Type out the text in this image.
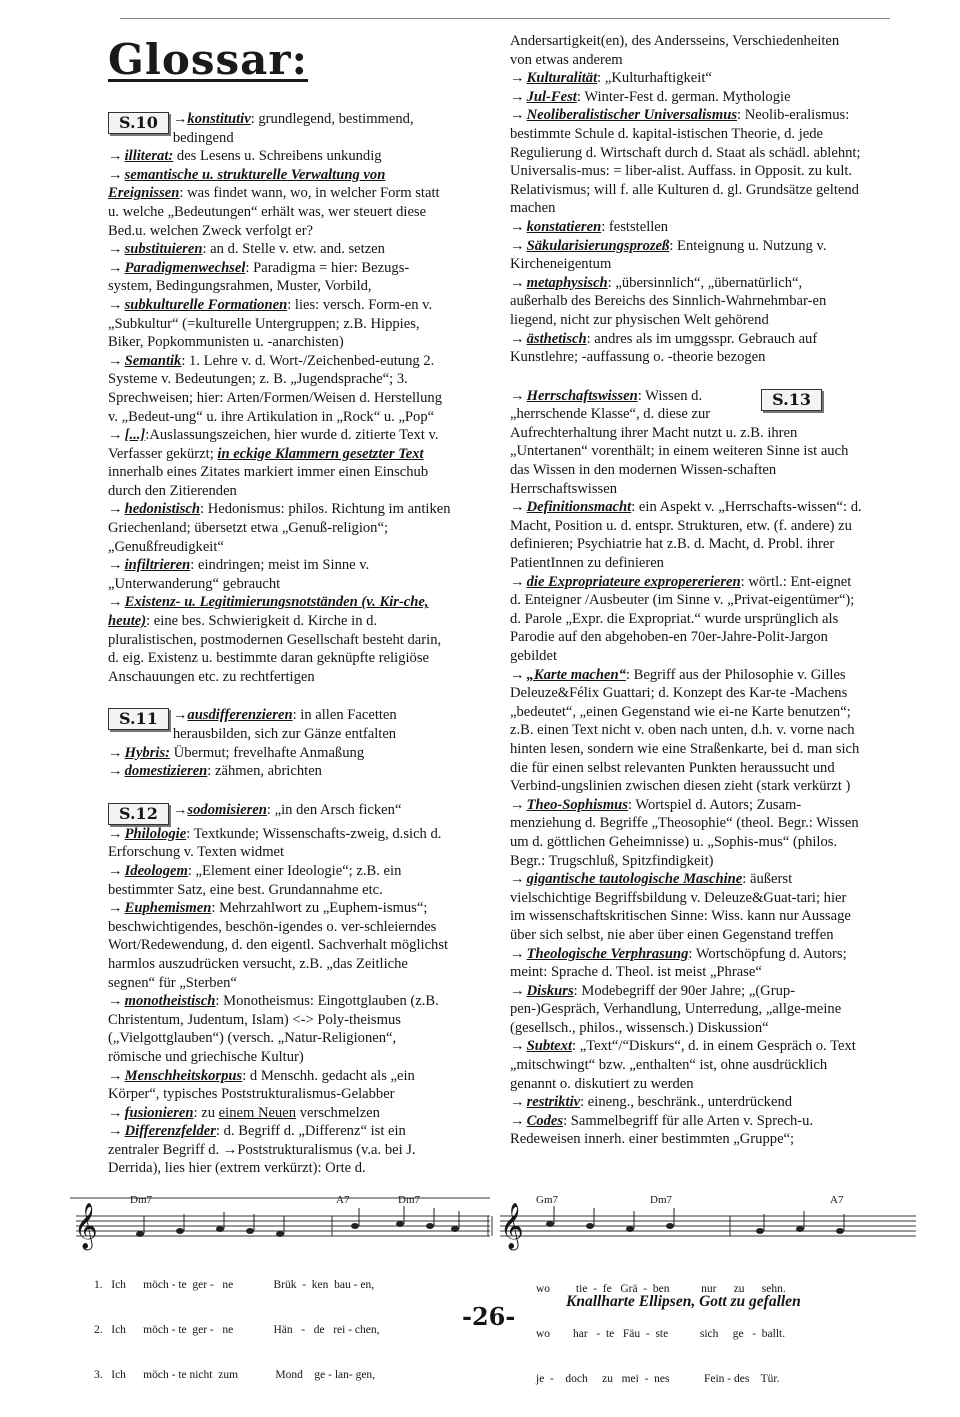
Glossar:
S.10	→konstitutiv: grundlegend, bestimmend, bedingend
→ illiterat: des Lesens u. Schreibens unkundig
→ semantische u. strukturelle Verwaltung von Ereignissen: was findet wann, wo, in welcher Form statt u. welche „Bedeutungen“ erhält was, wer steuert diese Bed.u. welchen Zweck verfolgt er?
→ substituieren: an d. Stelle v. etw. and. setzen
→ Paradigmenwechsel: Paradigma = hier: Bezugs-system, Bedingungsrahmen, Muster, Vorbild,
→ subkulturelle Formationen: lies: versch. Form-en v. „Subkultur“ (=kulturelle Untergruppen; z.B. Hippies, Biker, Popkommunisten u. -anarchisten)
→ Semantik: 1. Lehre v. d. Wort-/Zeichenbed-eutung 2. Systeme v. Bedeutungen; z. B. „Jugendsprache“; 3. Sprechweisen; hier: Arten/Formen/Weisen d. Herstellung v. „Bedeut-ung“ u. ihre Artikulation in „Rock“ u. „Pop“
→ [...]:Auslassungszeichen, hier wurde d. zitierte Text v. Verfasser gekürzt; in eckige Klammern gesetzter Text innerhalb eines Zitates markiert immer einen Einschub durch den Zitierenden
→ hedonistisch: Hedonismus: philos. Richtung im antiken Griechenland; übersetzt etwa „Genuß-religion“; „Genußfreudigkeit“
→ infiltrieren: eindringen; meist im Sinne v. „Unterwanderung“ gebraucht
→ Existenz- u. Legitimierungsnotständen (v. Kir-che, heute): eine bes. Schwierigkeit d. Kirche in d. pluralistischen, postmodernen Gesellschaft besteht darin, d. eig. Existenz u. bestimmte daran geknüpfte religiöse Anschauungen etc. zu rechtfertigen
S.11	→ausdifferenzieren: in allen Facetten herausbilden, sich zur Gänze entfalten
→ Hybris: Übermut; frevelhafte Anmaßung
→ domestizieren: zähmen, abrichten
S.12	→sodomisieren: „in den Arsch ficken“
→ Philologie: Textkunde; Wissenschafts-zweig, d.sich d. Erforschung v. Texten widmet
→ Ideologem: „Element einer Ideologie“; z.B. ein bestimmter Satz, eine best. Grundannahme etc.
→ Euphemismen: Mehrzahlwort zu „Euphem-ismus“; beschwichtigendes, beschön-igendes o. ver-schleierndes Wort/Redewendung, d. den eigentl. Sachverhalt möglichst harmlos auszudrücken versucht, z.B. „das Zeitliche segnen“ für „Sterben“
→ monotheistisch: Monotheismus: Eingottglauben (z.B. Christentum, Judentum, Islam) <-> Poly-theismus („Vielgottglauben“) (versch. „Natur-Religionen“, römische und griechische Kultur)
→ Menschheitskorpus: d Menschh. gedacht als „ein Körper“, typisches Poststrukturalismus-Gelabber
→ fusionieren: zu einem Neuen verschmelzen
→ Differenzfelder: d. Begriff d. „Differenz“ ist ein zentraler Begriff d. →Poststrukturalismus (v.a. bei J. Derrida), lies hier (extrem verkürzt): Orte d.
Andersartigkeit(en), des Andersseins, Verschiedenheiten von etwas anderem
→ Kulturalität: „Kulturhaftigkeit“
→ Jul-Fest: Winter-Fest d. german. Mythologie
→ Neoliberalistischer Universalismus: Neolib-eralismus: bestimmte Schule d. kapital-istischen Theorie, d. jede Regulierung d. Wirtschaft durch d. Staat als schädl. ablehnt; Universalis-mus: = liber-alist. Auffass. in Opposit. zu kult. Relativismus; will f. alle Kulturen d. gl. Grundsätze geltend machen
→ konstatieren: feststellen
→ Säkularisierungsprozeß: Enteignung u. Nutzung v. Kircheneigentum
→ metaphysisch: „übersinnlich“, „übernatürlich“, außerhalb des Bereichs des Sinnlich-Wahrnehmbar-en liegend, nicht zur physischen Welt gehörend
→ ästhetisch: andres als im umggsspr. Gebrauch auf Kunstlehre; -auffassung o. -theorie bezogen
S.13
→ Herrschaftswissen: Wissen d. „herrschende Klasse“, d. diese zur Aufrechterhaltung ihrer Macht nutzt u. z.B. ihren „Untertanen“ vorenthält; in einem weiteren Sinne ist auch das Wissen in den modernen Wissen-schaften Herrschaftswissen
→ Definitionsmacht: ein Aspekt v. „Herrschafts-wissen“: d. Macht, Position u. d. entspr. Strukturen, etw. (f. andere) zu definieren; Psychiatrie hat z.B. d. Macht, d. Probl. ihrer PatientInnen zu definieren
→ die Expropriateure expropererieren: wörtl.: Ent-eignet d. Enteigner /Ausbeuter (im Sinne v. „Privat-eigentümer“); d. Parole „Expr. die Expropriat.“ wurde ursprünglich als Parodie auf den abgehoben-en 70er-Jahre-Polit-Jargon gebildet
→ „Karte machen“: Begriff aus der Philosophie v. Gilles Deleuze&Félix Guattari; d. Konzept des Kar-te -Machens „bedeutet“, „einen Gegenstand wie ei-ne Karte benutzen“; z.B. einen Text nicht v. oben nach unten, d.h. v. vorne nach hinten lesen, sondern wie eine Straßenkarte, bei d. man sich die für einen selbst relevanten Punkten heraussucht und Verbind-ungslinien zwischen diesen zieht (stark verkürzt )
→ Theo-Sophismus: Wortspiel d. Autors; Zusam-menziehung d. Begriffe „Theosophie“ (theol. Begr.: Wissen um d. göttlichen Geheimnisse) u. „Sophis-mus“ (philos. Begr.: Trugschluß, Spitzfindigkeit)
→ gigantische tautologische Maschine: äußerst vielschichtige Begriffsbildung v. Deleuze&Guat-tari; hier im wissenschaftskritischen Sinne: Wiss. kann nur Aussage über sich selbst, nie aber über einen Gegenstand treffen
→ Theologische Verphrasung: Wortschöpfung d. Autors; meint: Sprache d. Theol. ist meist „Phrase“
→ Diskurs: Modebegriff der 90er Jahre; „(Grup-pen-)Gespräch, Verhandlung, Unterredung, „allge-meine (gesellsch., philos., wissensch.) Diskussion“
→ Subtext: „Text“/“Diskurs“, d. in einem Gespräch o. Text „mitschwingt“ bzw. „enthalten“ ist, ohne ausdrücklich genannt o. diskutiert zu werden
→ restriktiv: eineng., beschränk., unterdrückend
→ Codes: Sammelbegriff für alle Arten v. Sprech-u. Redeweisen innerh. einer bestimmten „Gruppe“;
𝄞	𝄞
Dm7	A7	Dm7	Gm7	Dm7	A7

1.   Ich      möch - te  ger -   ne              Brük  -  ken  bau - en,

2.   Ich      möch - te  ger -   ne              Hän   -   de   rei - chen,

3.   Ich      möch - te nicht  zum             Mond    ge - lan- gen,

wo         tie  -  fe   Grä  -  ben           nur      zu      sehn.

wo        har   -  te   Fäu  -  ste           sich     ge   -  ballt.

je  -    doch     zu   mei  -  nes            Fein - des    Tür.

-26-
Knallharte Ellipsen, Gott zu gefallen
